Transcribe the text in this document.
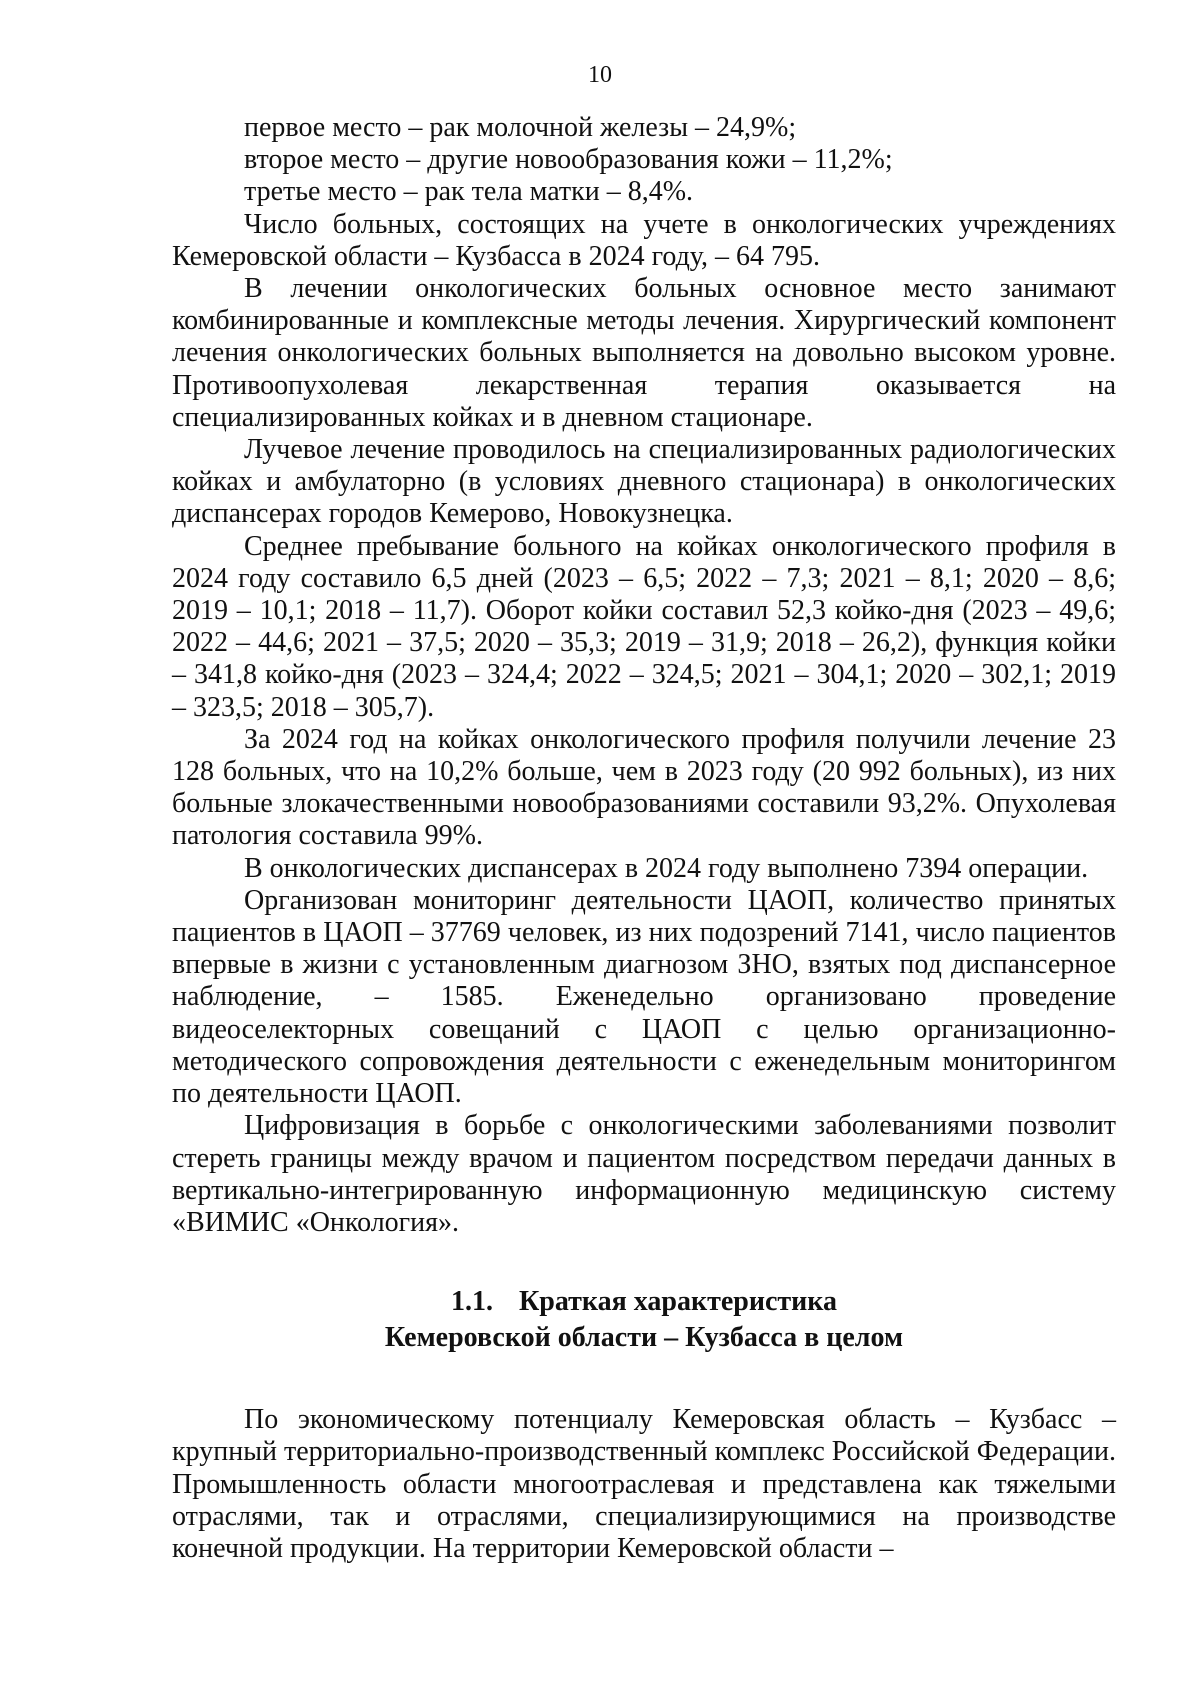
10
первое место – рак молочной железы – 24,9%;
второе место – другие новообразования кожи – 11,2%;
третье место – рак тела матки – 8,4%.

Число больных, состоящих на учете в онкологических учреждениях Кемеровской области – Кузбасса в 2024 году, – 64 795.

В лечении онкологических больных основное место занимают комбинированные и комплексные методы лечения. Хирургический компонент лечения онкологических больных выполняется на довольно высоком уровне. Противоопухолевая лекарственная терапия оказывается на специализированных койках и в дневном стационаре.

Лучевое лечение проводилось на специализированных радиологических койках и амбулаторно (в условиях дневного стационара) в онкологических диспансерах городов Кемерово, Новокузнецка.

Среднее пребывание больного на койках онкологического профиля в 2024 году составило 6,5 дней (2023 – 6,5; 2022 – 7,3; 2021 – 8,1; 2020 – 8,6; 2019 – 10,1; 2018 – 11,7). Оборот койки составил 52,3 койко-дня (2023 – 49,6; 2022 – 44,6; 2021 – 37,5; 2020 – 35,3; 2019 – 31,9; 2018 – 26,2), функция койки – 341,8 койко-дня (2023 – 324,4; 2022 – 324,5; 2021 – 304,1; 2020 – 302,1; 2019 – 323,5; 2018 – 305,7).

За 2024 год на койках онкологического профиля получили лечение 23 128 больных, что на 10,2% больше, чем в 2023 году (20 992 больных), из них больные злокачественными новообразованиями составили 93,2%. Опухолевая патология составила 99%.

В онкологических диспансерах в 2024 году выполнено 7394 операции.

Организован мониторинг деятельности ЦАОП, количество принятых пациентов в ЦАОП – 37769 человек, из них подозрений 7141, число пациентов впервые в жизни с установленным диагнозом ЗНО, взятых под диспансерное наблюдение, – 1585. Еженедельно организовано проведение видеоселекторных совещаний с ЦАОП с целью организационно-методического сопровождения деятельности с еженедельным мониторингом по деятельности ЦАОП.

Цифровизация в борьбе с онкологическими заболеваниями позволит стереть границы между врачом и пациентом посредством передачи данных в вертикально-интегрированную информационную медицинскую систему «ВИМИС «Онкология».

1.1. Краткая характеристика
Кемеровской области – Кузбасса в целом

По экономическому потенциалу Кемеровская область – Кузбасс – крупный территориально-производственный комплекс Российской Федерации. Промышленность области многоотраслевая и представлена как тяжелыми отраслями, так и отраслями, специализирующимися на производстве конечной продукции. На территории Кемеровской области –
